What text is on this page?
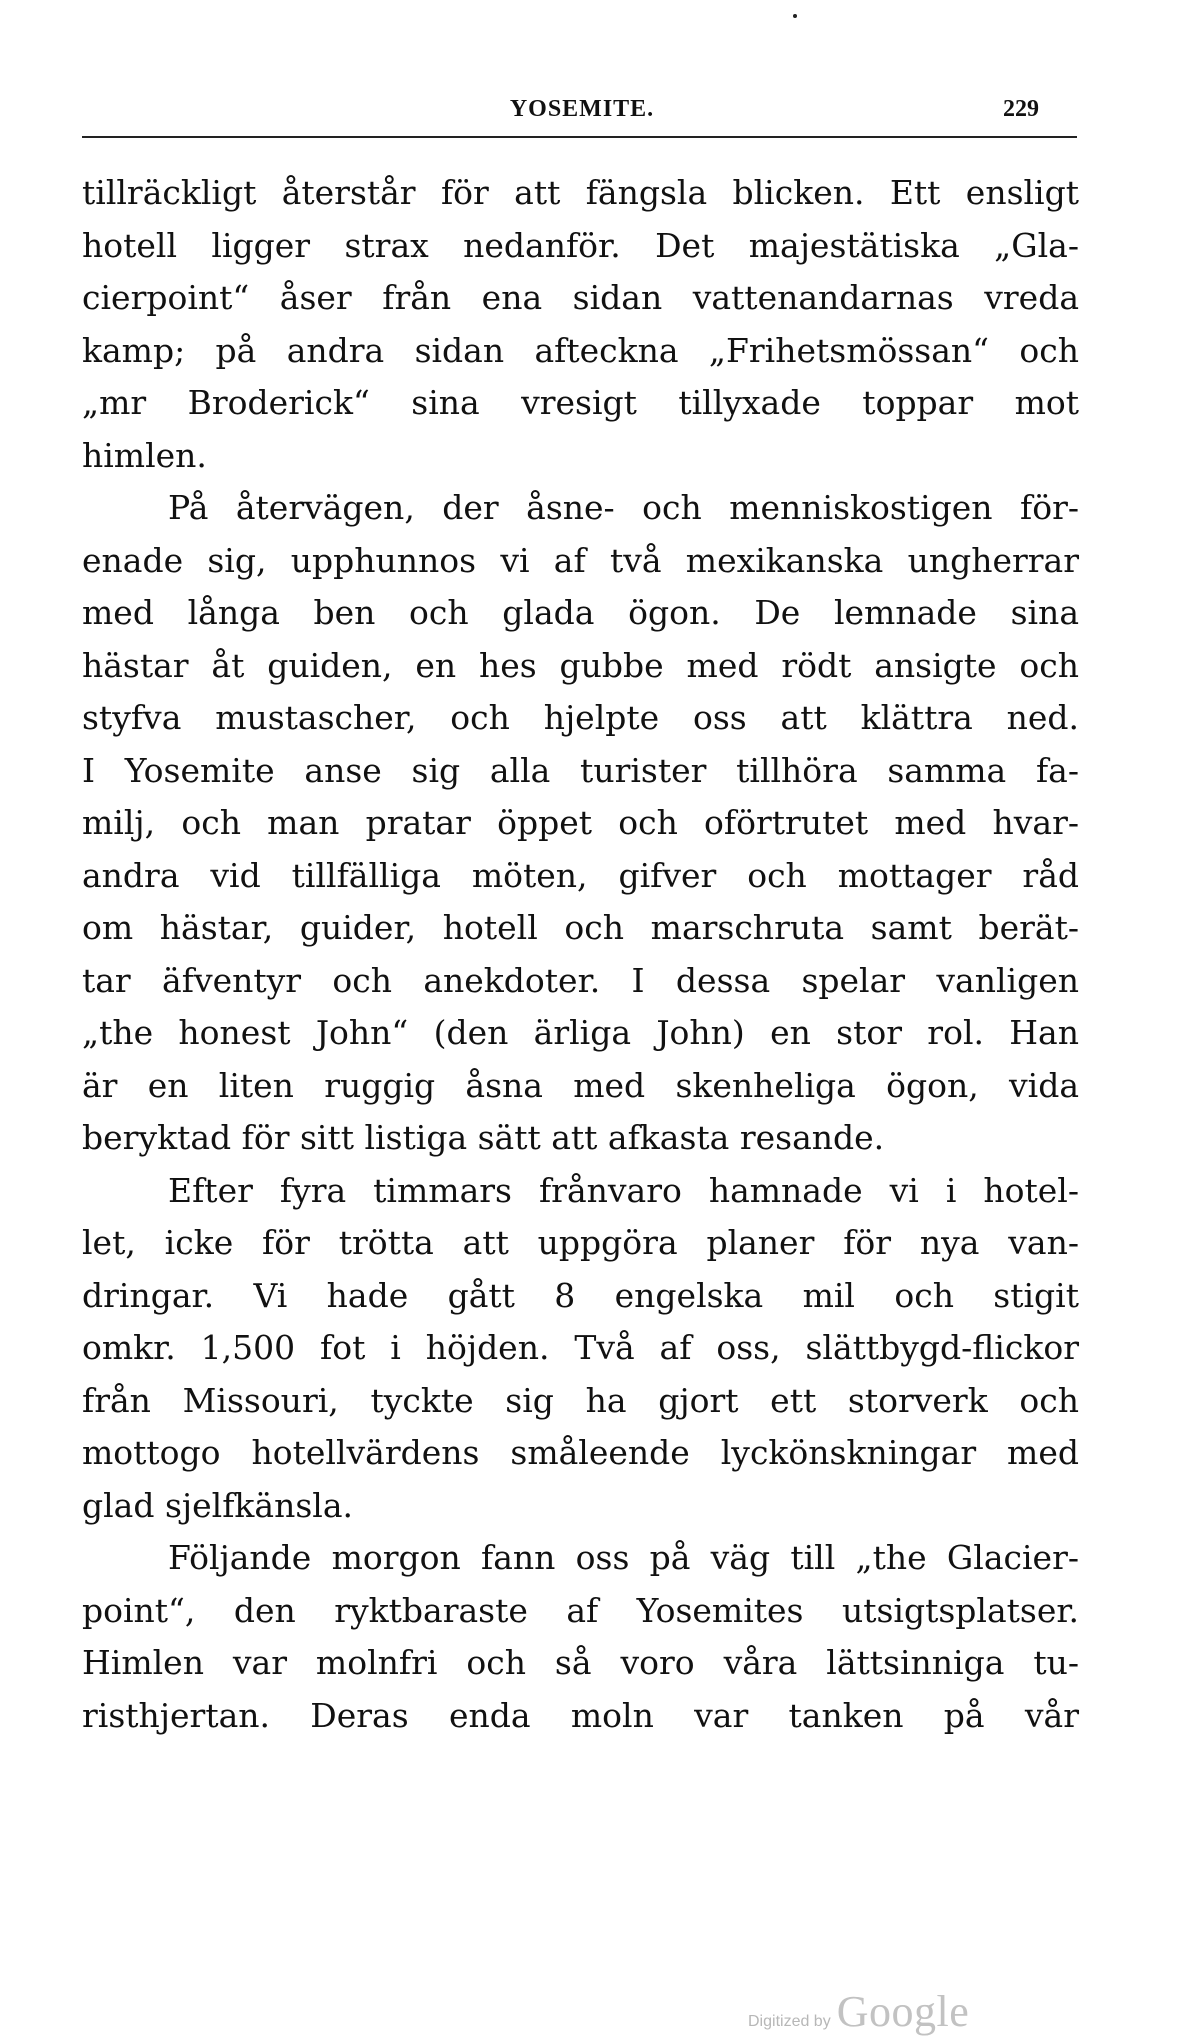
YOSEMITE.	229
tillräckligt återstår för att fängsla blicken. Ett ensligt
hotell ligger strax nedanför. Det majestätiska „Gla-
cierpoint“ åser från ena sidan vattenandarnas vreda
kamp; på andra sidan afteckna „Frihetsmössan“ och
„mr Broderick“ sina vresigt tillyxade toppar mot
himlen.
På återvägen, der åsne- och menniskostigen för-
enade sig, upphunnos vi af två mexikanska ungherrar
med långa ben och glada ögon. De lemnade sina
hästar åt guiden, en hes gubbe med rödt ansigte och
styfva mustascher, och hjelpte oss att klättra ned.
I Yosemite anse sig alla turister tillhöra samma fa-
milj, och man pratar öppet och oförtrutet med hvar-
andra vid tillfälliga möten, gifver och mottager råd
om hästar, guider, hotell och marschruta samt berät-
tar äfventyr och anekdoter. I dessa spelar vanligen
„the honest John“ (den ärliga John) en stor rol. Han
är en liten ruggig åsna med skenheliga ögon, vida
beryktad för sitt listiga sätt att afkasta resande.
Efter fyra timmars frånvaro hamnade vi i hotel-
let, icke för trötta att uppgöra planer för nya van-
dringar. Vi hade gått 8 engelska mil och stigit
omkr. 1,500 fot i höjden. Två af oss, slättbygd-flickor
från Missouri, tyckte sig ha gjort ett storverk och
mottogo hotellvärdens småleende lyckönskningar med
glad sjelfkänsla.
Följande morgon fann oss på väg till „the Glacier-
point“, den ryktbaraste af Yosemites utsigtsplatser.
Himlen var molnfri och så voro våra lättsinniga tu-
risthjertan. Deras enda moln var tanken på vår
Digitized by Google
